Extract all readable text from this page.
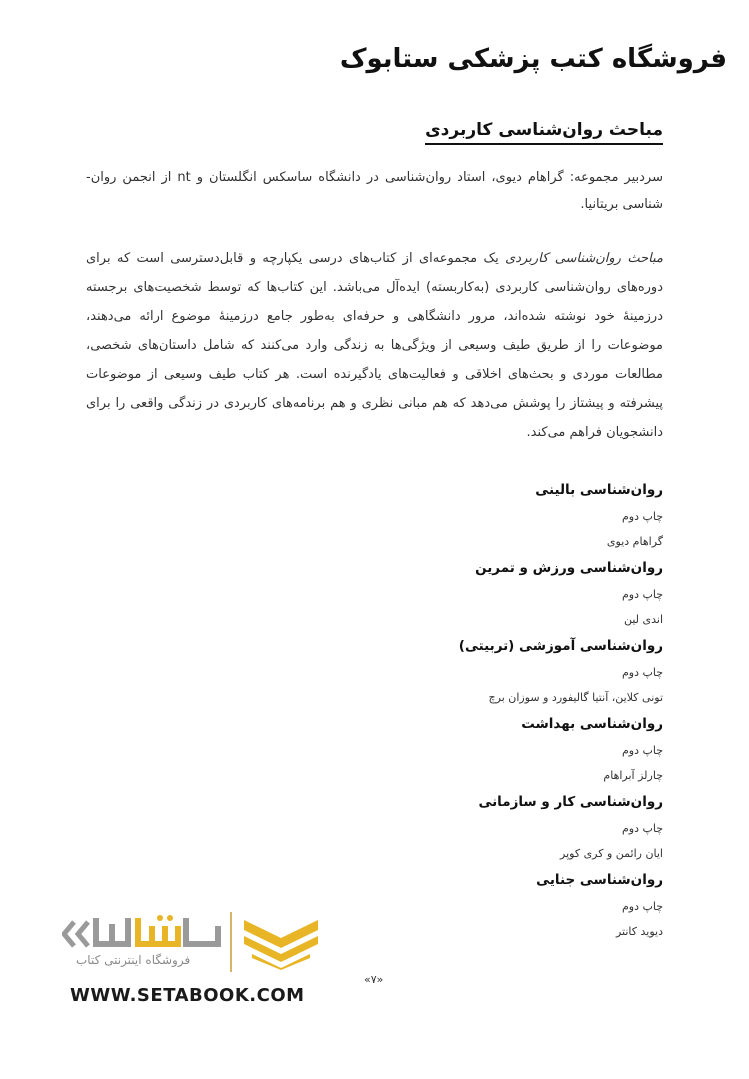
فروشگاه کتب پزشکی ستابوک
مباحث روان‌شناسی کاربردی

سردبیر مجموعه: گراهام دیوی، استاد روان‌شناسی در دانشگاه ساسکس انگلستان و nt از انجمن روان-شناسی بریتانیا.

مباحث روان‌شناسی کاربردی یک مجموعه‌ای از کتاب‌های درسی یکپارچه و قابل‌دسترسی است که برای دوره‌های روان‌شناسی کاربردی (به‌کاربسته) ایده‌آل می‌باشد. این کتاب‌ها که توسط شخصیت‌های برجسته درزمینهٔ خود نوشته شده‌اند، مرور دانشگاهی و حرفه‌ای به‌طور جامع درزمینهٔ موضوع ارائه می‌دهند، موضوعات را از طریق طیف وسیعی از ویژگی‌ها به زندگی وارد می‌کنند که شامل داستان‌های شخصی، مطالعات موردی و بحث‌های اخلاقی و فعالیت‌های یادگیرنده است. هر کتاب طیف وسیعی از موضوعات پیشرفته و پیشتاز را پوشش می‌دهد که هم مبانی نظری و هم برنامه‌های کاربردی در زندگی واقعی را برای دانشجویان فراهم می‌کند.

روان‌شناسی بالینی
چاپ دوم
گراهام دیوی
روان‌شناسی ورزش و تمرین
چاپ دوم
اندی لین
روان‌شناسی آموزشی (تربیتی)
چاپ دوم
تونی کلاین، آنتیا گالیفورد و سوزان برچ
روان‌شناسی بهداشت
چاپ دوم
چارلز آبراهام
روان‌شناسی کار و سازمانی
چاپ دوم
ایان رائمن و کری کوپر
روان‌شناسی جنایی
چاپ دوم
دیوید کانتر
فروشگاه اینترنتی کتاب

WWW.SETABOOK.COM

«۷»
